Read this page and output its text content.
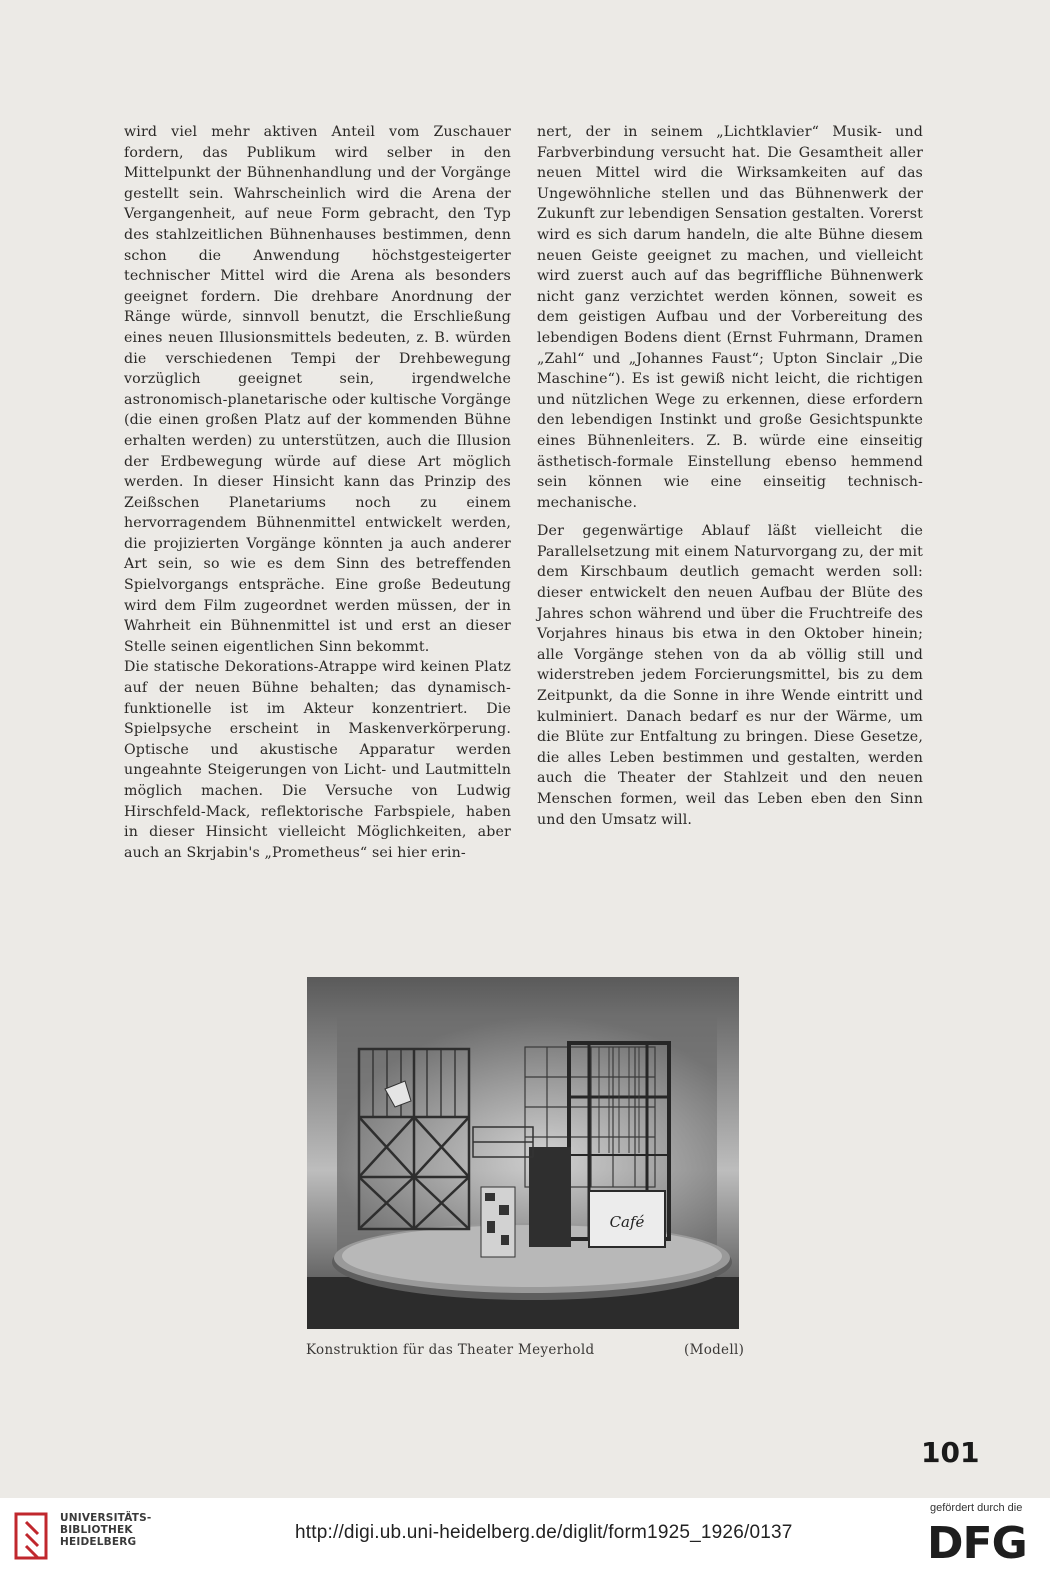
wird viel mehr aktiven Anteil vom Zuschauer fordern, das Publikum wird selber in den Mittelpunkt der Bühnenhandlung und der Vorgänge gestellt sein. Wahrscheinlich wird die Arena der Vergangenheit, auf neue Form gebracht, den Typ des stahlzeitlichen Bühnenhauses bestimmen, denn schon die Anwendung höchstgesteigerter technischer Mittel wird die Arena als besonders geeignet fordern. Die drehbare Anordnung der Ränge würde, sinnvoll benutzt, die Erschließung eines neuen Illusionsmittels bedeuten, z. B. würden die verschiedenen Tempi der Drehbewegung vorzüglich geeignet sein, irgendwelche astronomisch-planetarische oder kultische Vorgänge (die einen großen Platz auf der kommenden Bühne erhalten werden) zu unterstützen, auch die Illusion der Erdbewegung würde auf diese Art möglich werden. In dieser Hinsicht kann das Prinzip des Zeißschen Planetariums noch zu einem hervorragendem Bühnenmittel entwickelt werden, die projizierten Vorgänge könnten ja auch anderer Art sein, so wie es dem Sinn des betreffenden Spielvorgangs entspräche. Eine große Bedeutung wird dem Film zugeordnet werden müssen, der in Wahrheit ein Bühnenmittel ist und erst an dieser Stelle seinen eigentlichen Sinn bekommt.

Die statische Dekorations-Atrappe wird keinen Platz auf der neuen Bühne behalten; das dynamisch-funktionelle ist im Akteur konzentriert. Die Spielpsyche erscheint in Maskenverkörperung. Optische und akustische Apparatur werden ungeahnte Steigerungen von Licht- und Lautmitteln möglich machen. Die Versuche von Ludwig Hirschfeld-Mack, reflektorische Farbspiele, haben in dieser Hinsicht vielleicht Möglichkeiten, aber auch an Skrjabin's „Prometheus“ sei hier erin-

nert, der in seinem „Lichtklavier“ Musik- und Farbverbindung versucht hat. Die Gesamtheit aller neuen Mittel wird die Wirksamkeiten auf das Ungewöhnliche stellen und das Bühnenwerk der Zukunft zur lebendigen Sensation gestalten. Vorerst wird es sich darum handeln, die alte Bühne diesem neuen Geiste geeignet zu machen, und vielleicht wird zuerst auch auf das begriffliche Bühnenwerk nicht ganz verzichtet werden können, soweit es dem geistigen Aufbau und der Vorbereitung des lebendigen Bodens dient (Ernst Fuhrmann, Dramen „Zahl“ und „Johannes Faust“; Upton Sinclair „Die Maschine“). Es ist gewiß nicht leicht, die richtigen und nützlichen Wege zu erkennen, diese erfordern den lebendigen Instinkt und große Gesichtspunkte eines Bühnenleiters. Z. B. würde eine einseitig ästhetisch-formale Einstellung ebenso hemmend sein können wie eine einseitig technisch-mechanische.

Der gegenwärtige Ablauf läßt vielleicht die Parallelsetzung mit einem Naturvorgang zu, der mit dem Kirschbaum deutlich gemacht werden soll: dieser entwickelt den neuen Aufbau der Blüte des Jahres schon während und über die Fruchtreife des Vorjahres hinaus bis etwa in den Oktober hinein; alle Vorgänge stehen von da ab völlig still und widerstreben jedem Forcierungsmittel, bis zu dem Zeitpunkt, da die Sonne in ihre Wende eintritt und kulminiert. Danach bedarf es nur der Wärme, um die Blüte zur Entfaltung zu bringen. Diese Gesetze, die alles Leben bestimmen und gestalten, werden auch die Theater der Stahlzeit und den neuen Menschen formen, weil das Leben eben den Sinn und den Umsatz will.

Café
Konstruktion für das Theater Meyerhold	(Modell)
101
UNIVERSITÄTS-
BIBLIOTHEK
HEIDELBERG	http://digi.ub.uni-heidelberg.de/diglit/form1925_1926/0137
gefördert durch die
DFG
